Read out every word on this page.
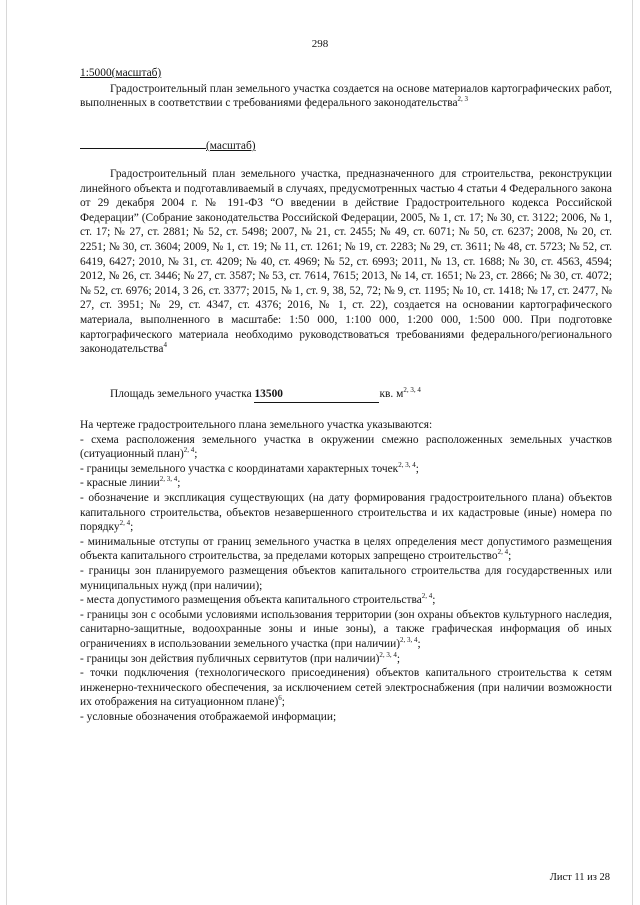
298
1:5000(масштаб)
Градостроительный план земельного участка создается на основе материалов картографических работ, выполненных в соответствии с требованиями федерального законодательства$^{2, 3}$
(масштаб)
Градостроительный план земельного участка, предназначенного для строительства, реконструкции линейного объекта и подготавливаемый в случаях, предусмотренных частью 4 статьи 4 Федерального закона от 29 декабря 2004 г. № 191-ФЗ “О введении в действие Градостроительного кодекса Российской Федерации” (Собрание законодательства Российской Федерации, 2005, № 1, ст. 17; № 30, ст. 3122; 2006, № 1, ст. 17; № 27, ст. 2881; № 52, ст. 5498; 2007, № 21, ст. 2455; № 49, ст. 6071; № 50, ст. 6237; 2008, № 20, ст. 2251; № 30, ст. 3604; 2009, № 1, ст. 19; № 11, ст. 1261; № 19, ст. 2283; № 29, ст. 3611; № 48, ст. 5723; № 52, ст. 6419, 6427; 2010, № 31, ст. 4209; № 40, ст. 4969; № 52, ст. 6993; 2011, № 13, ст. 1688; № 30, ст. 4563, 4594; 2012, № 26, ст. 3446; № 27, ст. 3587; № 53, ст. 7614, 7615; 2013, № 14, ст. 1651; № 23, ст. 2866; № 30, ст. 4072; № 52, ст. 6976; 2014, 3 26, ст. 3377; 2015, № 1, ст. 9, 38, 52, 72; № 9, ст. 1195; № 10, ст. 1418; № 17, ст. 2477, № 27, ст. 3951; № 29, ст. 4347, ст. 4376; 2016, № 1, ст. 22), создается на основании картографического материала, выполненного в масштабе: 1:50 000, 1:100 000, 1:200 000, 1:500 000. При подготовке картографического материала необходимо руководствоваться требованиями федерального/регионального законодательства$^4$
Площадь земельного участка 13500	кв. $м^{2, 3, 4}$
На чертеже градостроительного плана земельного участка указываются:
- схема расположения земельного участка в окружении смежно расположенных земельных участков (ситуационный план)$^{2, 4}$;
- границы земельного участка с координатами характерных точек$^{2, 3, 4}$;
- красные линии$^{2, 3, 4}$;
- обозначение и экспликация существующих (на дату формирования градостроительного плана) объектов капитального строительства, объектов незавершенного строительства и их кадастровые (иные) номера по порядку$^{2, 4}$;
- минимальные отступы от границ земельного участка в целях определения мест допустимого размещения объекта капитального строительства, за пределами которых запрещено строительство$^{2, 4}$;
- границы зон планируемого размещения объектов капитального строительства для государственных или муниципальных нужд (при наличии);
- места допустимого размещения объекта капитального строительства$^{2, 4}$;
- границы зон с особыми условиями использования территории (зон охраны объектов культурного наследия, санитарно-защитные, водоохранные зоны и иные зоны), а также графическая информация об иных ограничениях в использовании земельного участка (при наличии)$^{2, 3, 4}$;
- границы зон действия публичных сервитутов (при наличии)$^{2, 3, 4}$;
- точки подключения (технологического присоединения) объектов капитального строительства к сетям инженерно-технического обеспечения, за исключением сетей электроснабжения (при наличии возможности их отображения на ситуационном плане)$^6$;
- условные обозначения отображаемой информации;
Лист 11 из 28
